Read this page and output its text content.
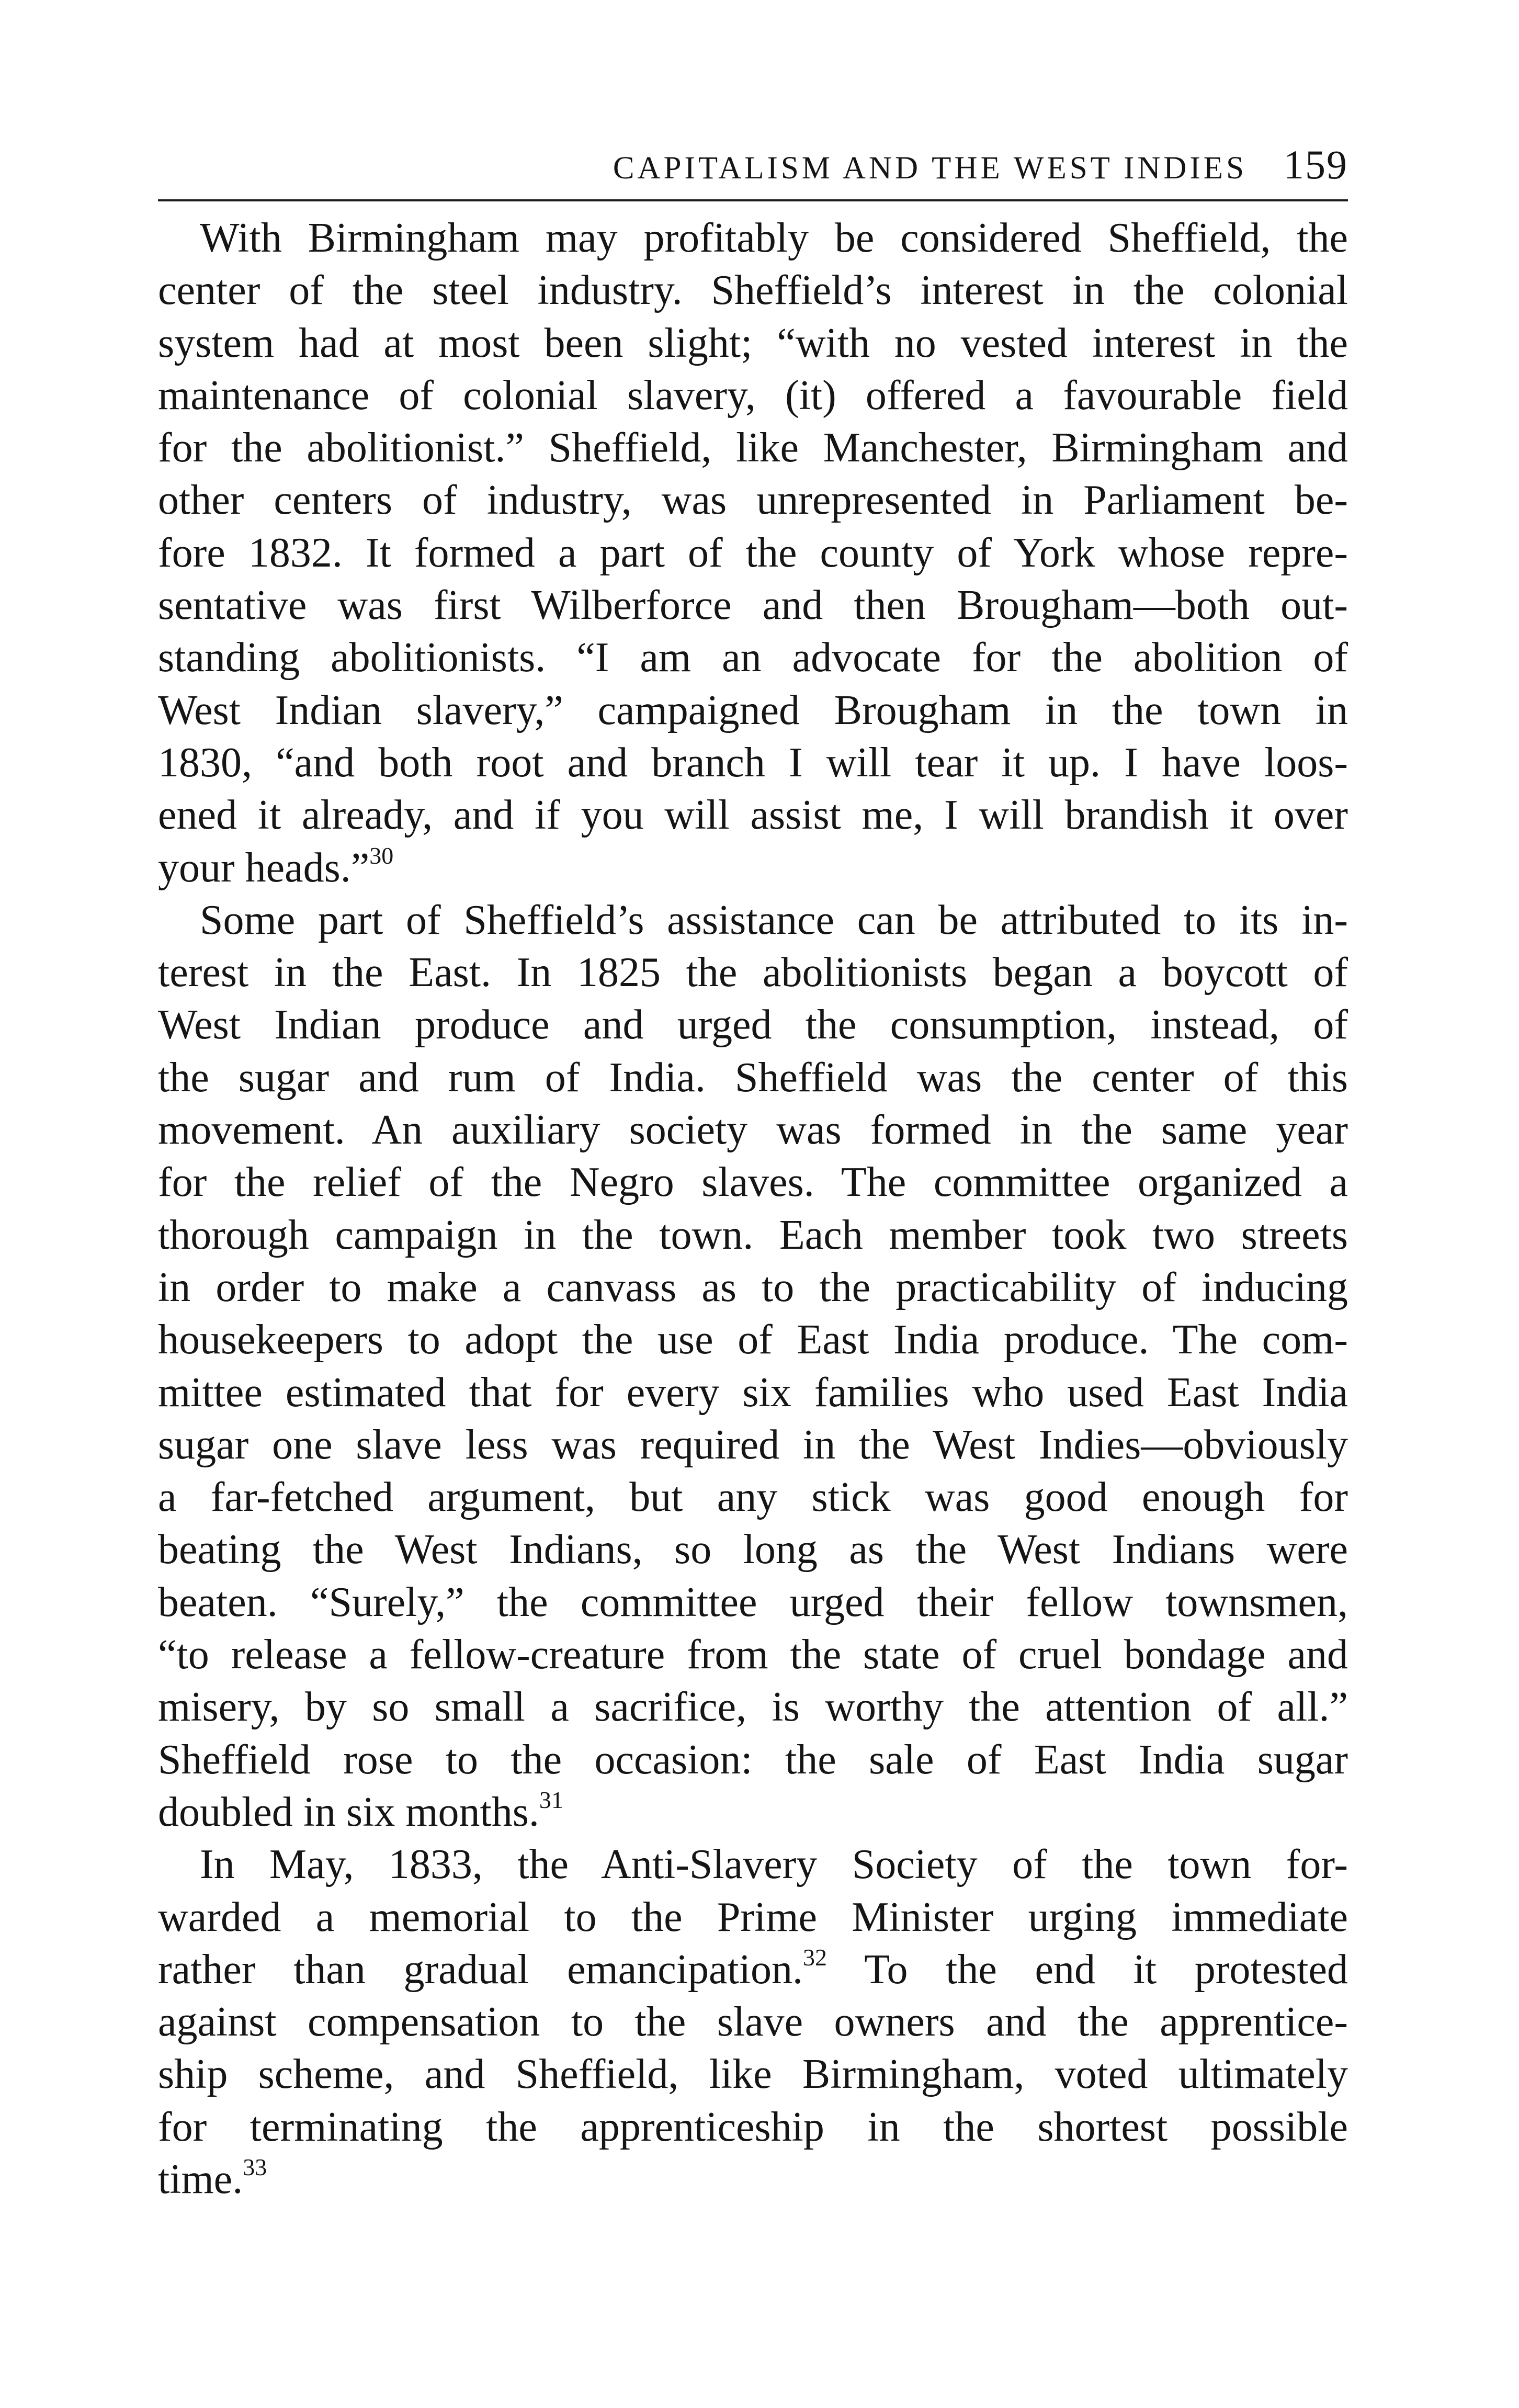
CAPITALISM AND THE WEST INDIES 159

With Birmingham may profitably be considered Sheffield, the
center of the steel industry. Sheffield’s interest in the colonial
system had at most been slight; “with no vested interest in the
maintenance of colonial slavery, (it) offered a favourable field
for the abolitionist.” Sheffield, like Manchester, Birmingham and
other centers of industry, was unrepresented in Parliament be-
fore 1832. It formed a part of the county of York whose repre-
sentative was first Wilberforce and then Brougham—both out-
standing abolitionists. “I am an advocate for the abolition of
West Indian slavery,” campaigned Brougham in the town in
1830, “and both root and branch I will tear it up. I have loos-
ened it already, and if you will assist me, I will brandish it over
your heads.”$^{30}$

Some part of Sheffield’s assistance can be attributed to its in-
terest in the East. In 1825 the abolitionists began a boycott of
West Indian produce and urged the consumption, instead, of
the sugar and rum of India. Sheffield was the center of this
movement. An auxiliary society was formed in the same year
for the relief of the Negro slaves. The committee organized a
thorough campaign in the town. Each member took two streets
in order to make a canvass as to the practicability of inducing
housekeepers to adopt the use of East India produce. The com-
mittee estimated that for every six families who used East India
sugar one slave less was required in the West Indies—obviously
a far-fetched argument, but any stick was good enough for
beating the West Indians, so long as the West Indians were
beaten. “Surely,” the committee urged their fellow townsmen,
“to release a fellow-creature from the state of cruel bondage and
misery, by so small a sacrifice, is worthy the attention of all.”
Sheffield rose to the occasion: the sale of East India sugar
doubled in six months.$^{31}$

In May, 1833, the Anti-Slavery Society of the town for-
warded a memorial to the Prime Minister urging immediate
rather than gradual emancipation.$^{32}$ To the end it protested
against compensation to the slave owners and the apprentice-
ship scheme, and Sheffield, like Birmingham, voted ultimately
for terminating the apprenticeship in the shortest possible
time.$^{33}$
